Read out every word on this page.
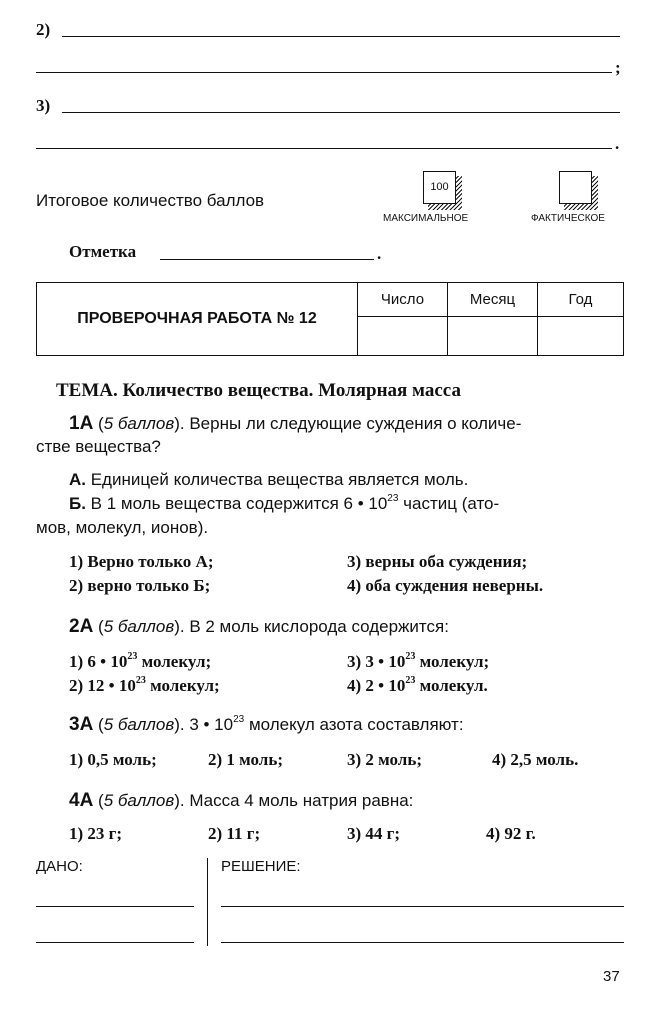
2)
;
3)
.
Итоговое количество баллов
100
МАКСИМАЛЬНОЕ	ФАКТИЧЕСКОЕ
Отметка	.
ПРОВЕРОЧНАЯ РАБОТА № 12	Число	Месяц	Год

ТЕМА. Количество вещества. Молярная масса
1А (5 баллов). Верны ли следующие суждения о количе-
стве вещества?
А. Единицей количества вещества является моль.
Б. В 1 моль вещества содержится 6 • $10^{23}$ частиц (ато-
мов, молекул, ионов).
1) Верно только А;
2) верно только Б;
3) верны оба суждения;
4) оба суждения неверны.
2А (5 баллов). В 2 моль кислорода содержится:
1) 6 • $10^{23}$ молекул;
2) 12 • $10^{23}$ молекул;
3) 3 • $10^{23}$ молекул;
4) 2 • $10^{23}$ молекул.
3А (5 баллов). 3 • $10^{23}$ молекул азота составляют:
1) 0,5 моль;	2) 1 моль;	3) 2 моль;	4) 2,5 моль.
4А (5 баллов). Масса 4 моль натрия равна:
1) 23 г;	2) 11 г;	3) 44 г;	4) 92 г.
ДАНО:	РЕШЕНИЕ:
37
